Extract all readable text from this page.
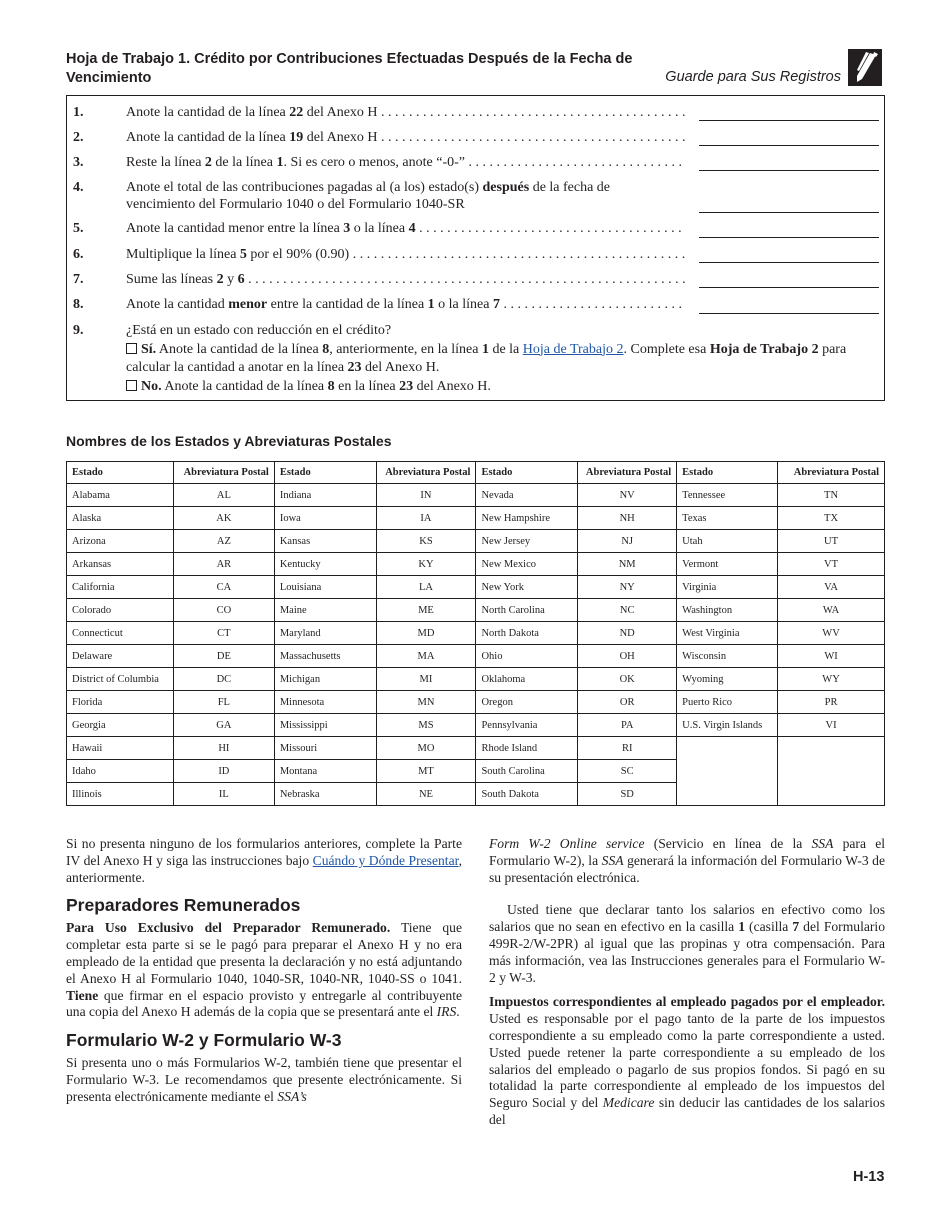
Hoja de Trabajo 1. Crédito por Contribuciones Efectuadas Después de la Fecha de Vencimiento	Guarde para Sus Registros
1.	Anote la cantidad de la línea 22 del Anexo H . . .
2.	Anote la cantidad de la línea 19 del Anexo H . . .
3.	Reste la línea 2 de la línea 1. Si es cero o menos, anote “-0-” . . .
4.	Anote el total de las contribuciones pagadas al (a los) estado(s) después de la fecha de vencimiento del Formulario 1040 o del Formulario 1040-SR
5.	Anote la cantidad menor entre la línea 3 o la línea 4 . . .
6.	Multiplique la línea 5 por el 90% (0.90) . . .
7.	Sume las líneas 2 y 6 . . .
8.	Anote la cantidad menor entre la cantidad de la línea 1 o la línea 7 . . .
9.	¿Está en un estado con reducción en el crédito?
Sí. Anote la cantidad de la línea 8, anteriormente, en la línea 1 de la Hoja de Trabajo 2. Complete esa Hoja de Trabajo 2 para calcular la cantidad a anotar en la línea 23 del Anexo H.
No. Anote la cantidad de la línea 8 en la línea 23 del Anexo H.
Nombres de los Estados y Abreviaturas Postales
Estado	Abreviatura Postal	Estado	Abreviatura Postal	Estado	Abreviatura Postal	Estado	Abreviatura Postal
Alabama	AL	Indiana	IN	Nevada	NV	Tennessee	TN
Alaska	AK	Iowa	IA	New Hampshire	NH	Texas	TX
Arizona	AZ	Kansas	KS	New Jersey	NJ	Utah	UT
Arkansas	AR	Kentucky	KY	New Mexico	NM	Vermont	VT
California	CA	Louisiana	LA	New York	NY	Virginia	VA
Colorado	CO	Maine	ME	North Carolina	NC	Washington	WA
Connecticut	CT	Maryland	MD	North Dakota	ND	West Virginia	WV
Delaware	DE	Massachusetts	MA	Ohio	OH	Wisconsin	WI
District of Columbia	DC	Michigan	MI	Oklahoma	OK	Wyoming	WY
Florida	FL	Minnesota	MN	Oregon	OR	Puerto Rico	PR
Georgia	GA	Mississippi	MS	Pennsylvania	PA	U.S. Virgin Islands	VI
Hawaii	HI	Missouri	MO	Rhode Island	RI		
Idaho	ID	Montana	MT	South Carolina	SC		
Illinois	IL	Nebraska	NE	South Dakota	SD		

Si no presenta ninguno de los formularios anteriores, complete la Parte IV del Anexo H y siga las instrucciones bajo Cuándo y Dónde Presentar, anteriormente.

Preparadores Remunerados

Para Uso Exclusivo del Preparador Remunerado. Tiene que completar esta parte si se le pagó para preparar el Anexo H y no era empleado de la entidad que presenta la declaración y no está adjuntando el Anexo H al Formulario 1040, 1040-SR, 1040-NR, 1040-SS o 1041. Tiene que firmar en el espacio provisto y entregarle al contribuyente una copia del Anexo H además de la copia que se presentará ante el IRS.

Formulario W-2 y Formulario W-3

Si presenta uno o más Formularios W-2, también tiene que presentar el Formulario W-3. Le recomendamos que presente electrónicamente. Si presenta electrónicamente mediante el SSA’s

Form W-2 Online service (Servicio en línea de la SSA para el Formulario W-2), la SSA generará la información del Formulario W-3 de su presentación electrónica.

Usted tiene que declarar tanto los salarios en efectivo como los salarios que no sean en efectivo en la casilla 1 (casilla 7 del Formulario 499R-2/W-2PR) al igual que las propinas y otra compensación. Para más información, vea las Instrucciones generales para el Formulario W-2 y W-3.

Impuestos correspondientes al empleado pagados por el empleador. Usted es responsable por el pago tanto de la parte de los impuestos correspondiente a su empleado como la parte correspondiente a usted. Usted puede retener la parte correspondiente a su empleado de los salarios del empleado o pagarlo de sus propios fondos. Si pagó en su totalidad la parte correspondiente al empleado de los impuestos del Seguro Social y del Medicare sin deducir las cantidades de los salarios del

H-13
